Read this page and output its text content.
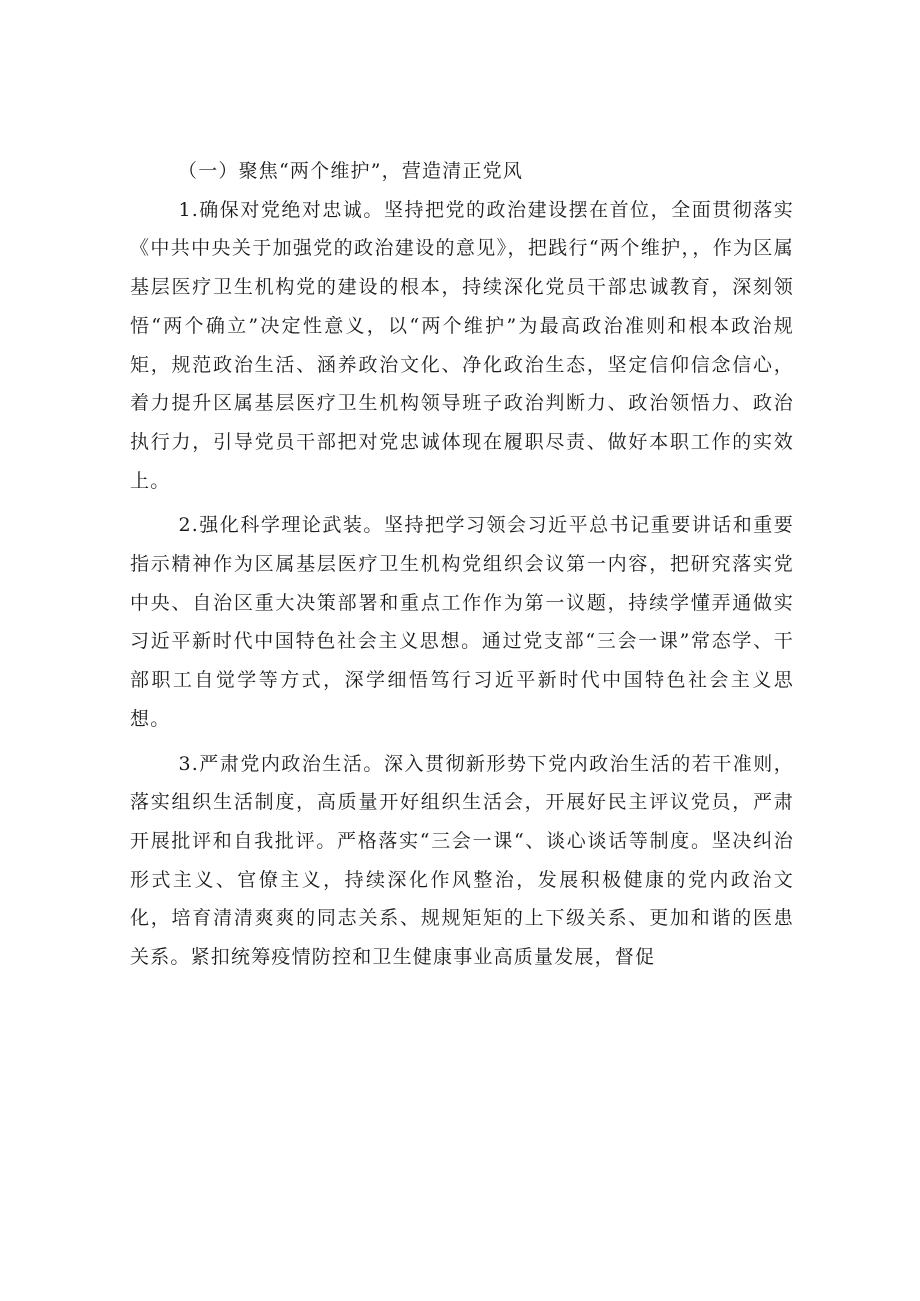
（一）聚焦“两个维护”，营造清正党风

1.确保对党绝对忠诚。坚持把党的政治建设摆在首位，全面贯彻落实《中共中央关于加强党的政治建设的意见》，把践行“两个维护，，作为区属基层医疗卫生机构党的建设的根本，持续深化党员干部忠诚教育，深刻领悟“两个确立”决定性意义，以“两个维护”为最高政治准则和根本政治规矩，规范政治生活、涵养政治文化、净化政治生态，坚定信仰信念信心，着力提升区属基层医疗卫生机构领导班子政治判断力、政治领悟力、政治执行力，引导党员干部把对党忠诚体现在履职尽责、做好本职工作的实效上。

2.强化科学理论武装。坚持把学习领会习近平总书记重要讲话和重要指示精神作为区属基层医疗卫生机构党组织会议第一内容，把研究落实党中央、自治区重大决策部署和重点工作作为第一议题，持续学懂弄通做实习近平新时代中国特色社会主义思想。通过党支部“三会一课”常态学、干部职工自觉学等方式，深学细悟笃行习近平新时代中国特色社会主义思想。

3.严肃党内政治生活。深入贯彻新形势下党内政治生活的若干准则，落实组织生活制度，高质量开好组织生活会，开展好民主评议党员，严肃开展批评和自我批评。严格落实“三会一课“、谈心谈话等制度。坚决纠治形式主义、官僚主义，持续深化作风整治，发展积极健康的党内政治文化，培育清清爽爽的同志关系、规规矩矩的上下级关系、更加和谐的医患关系。紧扣统筹疫情防控和卫生健康事业高质量发展，督促
